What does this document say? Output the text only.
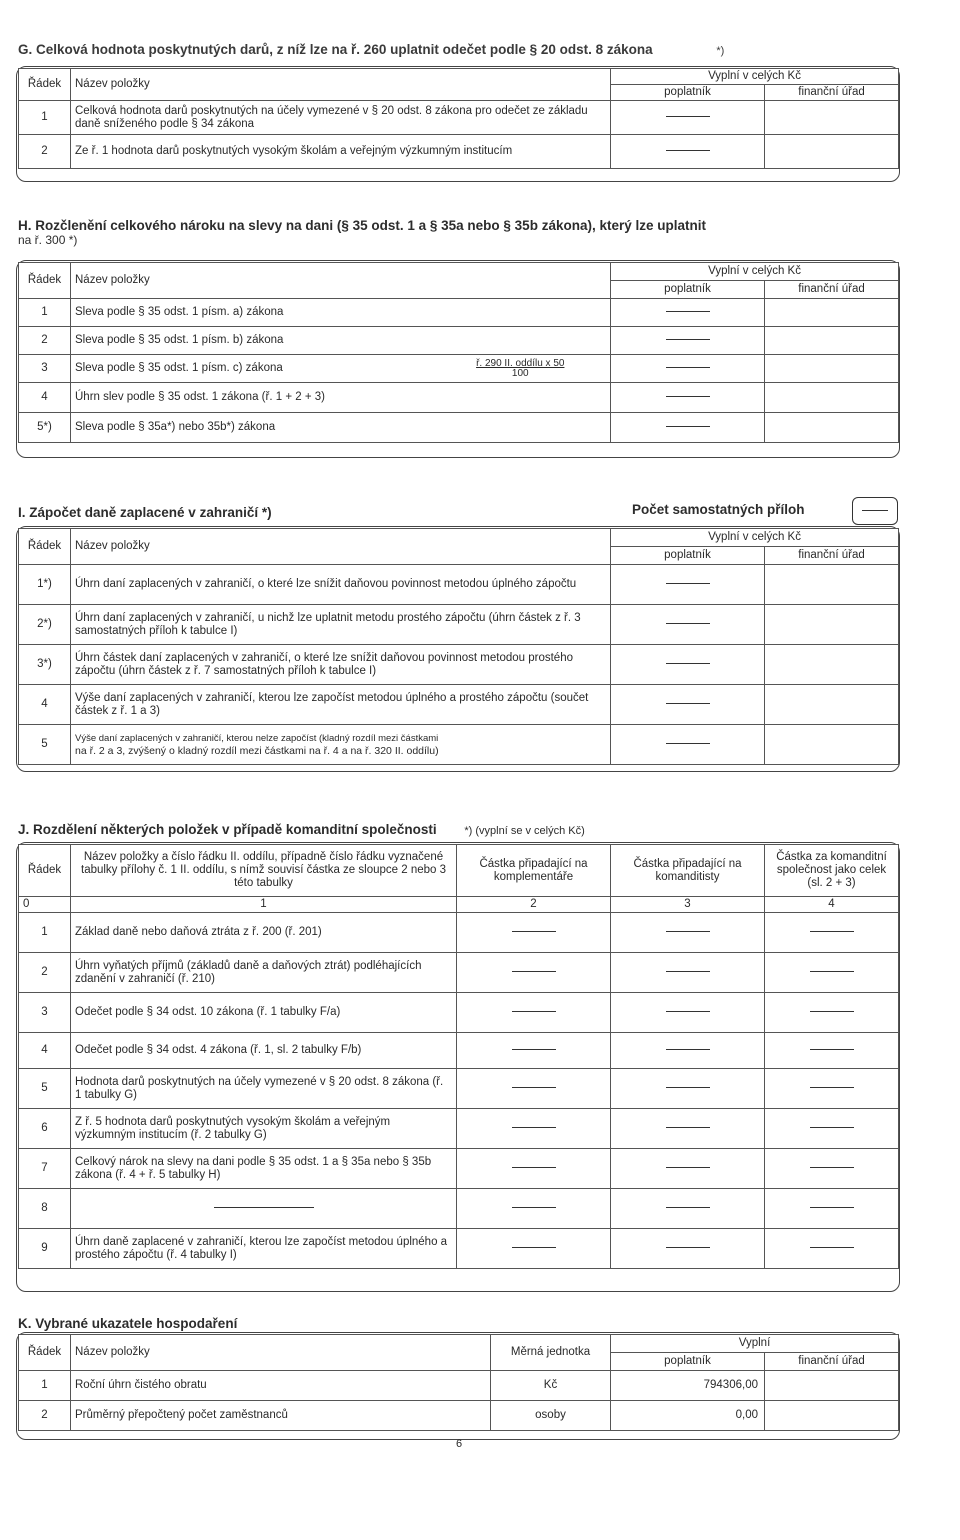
G. Celková hodnota poskytnutých darů, z níž lze na ř. 260 uplatnit odečet podle § 20 odst. 8 zákona	*)
Řádek	Název položky	Vyplní v celých Kč	
		poplatník	finanční úřad
1	Celková hodnota darů poskytnutých na účely vymezené v § 20 odst. 8 zákona pro odečet ze základu daně sníženého podle § 34 zákona		
2	Ze ř. 1 hodnota darů poskytnutých vysokým školám a veřejným výzkumným institucím		
H. Rozčlenění celkového nároku na slevy na dani (§ 35 odst. 1 a § 35a nebo § 35b zákona), který lze uplatnit
na ř. 300 *)
Řádek	Název položky		Vyplní v celých Kč	
			poplatník	finanční úřad
1	Sleva podle § 35 odst. 1 písm. a) zákona			
2	Sleva podle § 35 odst. 1 písm. b) zákona			
3	Sleva podle § 35 odst. 1 písm. c) zákona	ř. 290 II. oddílu x 50
100		

4	Úhrn slev podle § 35 odst. 1 zákona (ř. 1 + 2 + 3)			
5*)	Sleva podle § 35a*) nebo 35b*) zákona			
I. Zápočet daně zaplacené v zahraničí *)	Počet samostatných příloh
Řádek	Název položky	Vyplní v celých Kč	
		poplatník	finanční úřad
1*)	Úhrn daní zaplacených v zahraničí, o které lze snížit daňovou povinnost metodou úplného zápočtu		
2*)	Úhrn daní zaplacených v zahraničí, u nichž lze uplatnit metodu prostého zápočtu (úhrn částek z ř. 3 samostatných příloh k tabulce I)		
3*)	Úhrn částek daní zaplacených v zahraničí, o které lze snížit daňovou povinnost metodou prostého zápočtu (úhrn částek z ř. 7 samostatných příloh k tabulce I)		
4	Výše daní zaplacených v zahraničí, kterou lze započíst metodou úplného a prostého zápočtu (součet částek z ř. 1 a 3)		
5	Výše daní zaplacených v zahraničí, kterou nelze započíst (kladný rozdíl mezi částkami
na ř. 2 a 3, zvýšený o kladný rozdíl mezi částkami na ř. 4 a na ř. 320 II. oddílu)		

J. Rozdělení některých položek v případě komanditní společnosti	*) (vyplní se v celých Kč)
Řádek	Název položky a číslo řádku II. oddílu, případně číslo řádku vyznačené tabulky přílohy č. 1 II. oddílu, s nímž souvisí částka ze sloupce 2 nebo 3 této tabulky	Částka připadající na komplementáře	Částka připadající na komanditisty	Částka za komanditní společnost jako celek (sl. 2 + 3)
0	1	2	3	4
1	Základ daně nebo daňová ztráta z ř. 200 (ř. 201)			
2	Úhrn vyňatých příjmů (základů daně a daňových ztrát) podléhajících zdanění v zahraničí (ř. 210)			
3	Odečet podle § 34 odst. 10 zákona (ř. 1 tabulky F/a)			
4	Odečet podle § 34 odst. 4 zákona (ř. 1, sl. 2 tabulky F/b)			
5	Hodnota darů poskytnutých na účely vymezené v § 20 odst. 8 zákona (ř. 1 tabulky G)			
6	Z ř. 5 hodnota darů poskytnutých vysokým školám a veřejným výzkumným institucím (ř. 2 tabulky G)			
7	Celkový nárok na slevy na dani podle § 35 odst. 1 a § 35a nebo § 35b zákona (ř. 4 + ř. 5 tabulky H)			
8				
9	Úhrn daně zaplacené v zahraničí, kterou lze započíst metodou úplného a prostého zápočtu (ř. 4 tabulky I)			
K. Vybrané ukazatele hospodaření
Řádek	Název položky	Měrná jednotka	Vyplní	
			poplatník	finanční úřad
1	Roční úhrn čistého obratu	Kč	794306,00	
2	Průměrný přepočtený počet zaměstnanců	osoby	0,00	
6
